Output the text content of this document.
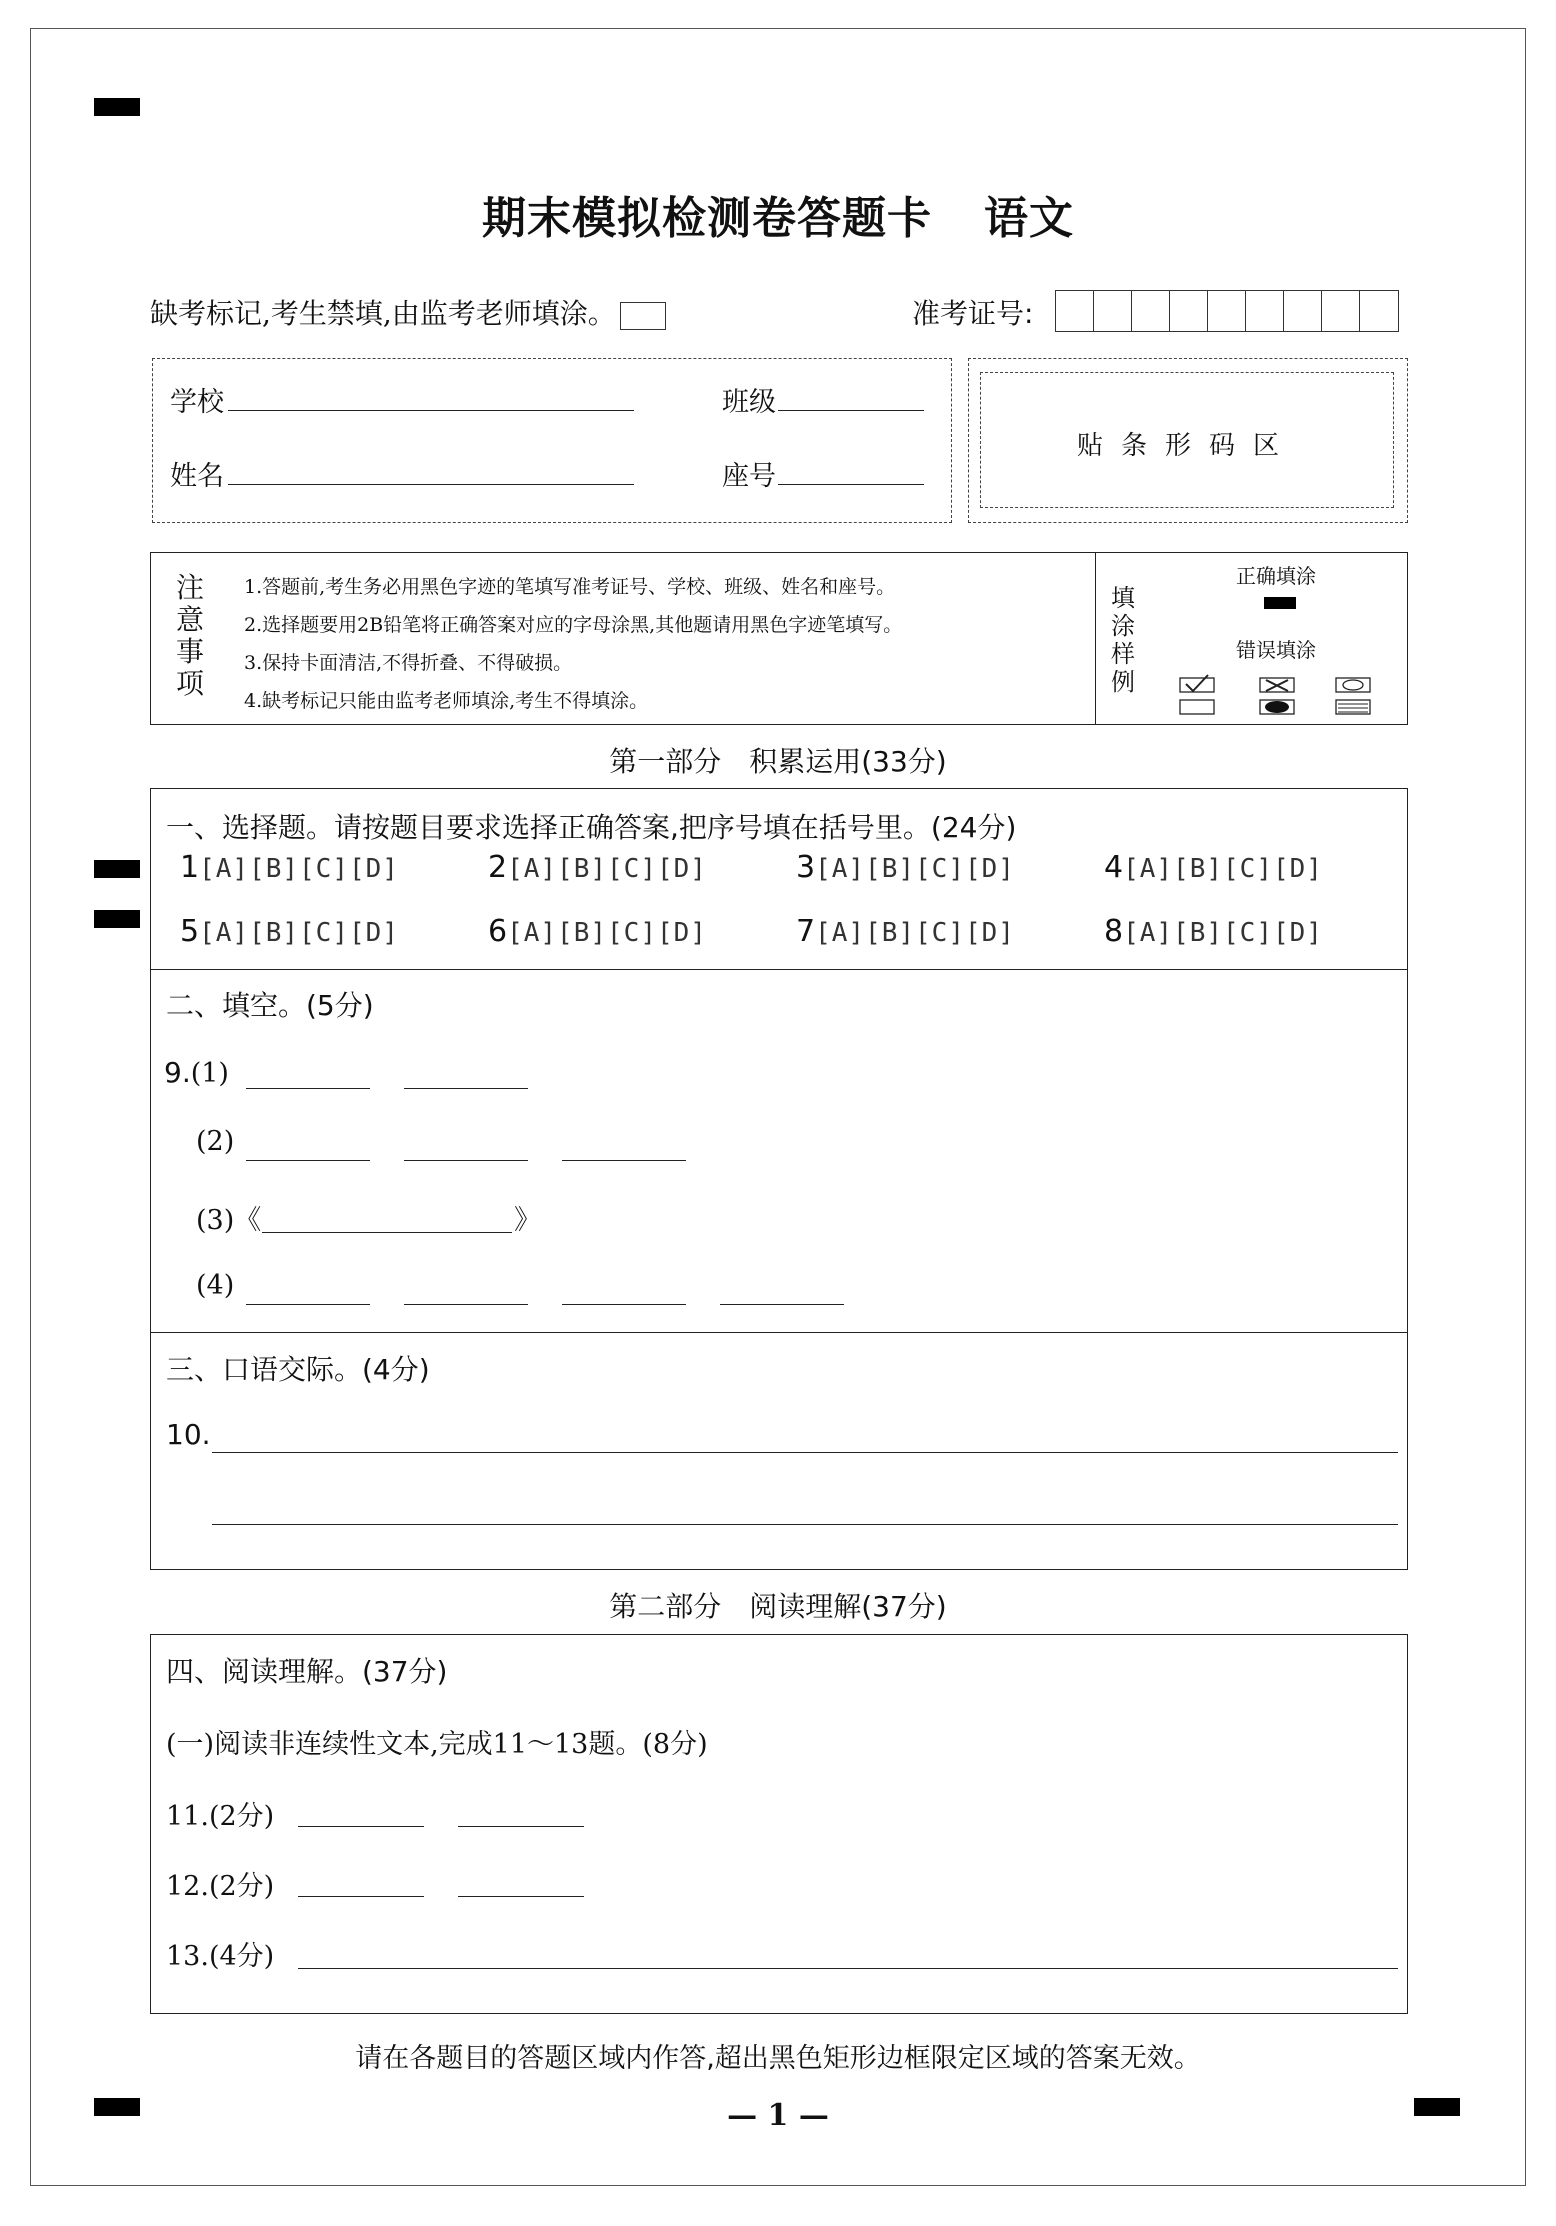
期末模拟检测卷答题卡 语文
缺考标记,考生禁填,由监考老师填涂。	准考证号:
学校	班级
姓名	座号
贴条形码区
注
意
事
项
1.答题前,考生务必用黑色字迹的笔填写准考证号、学校、班级、姓名和座号。
2.选择题要用2B铅笔将正确答案对应的字母涂黑,其他题请用黑色字迹笔填写。
3.保持卡面清洁,不得折叠、不得破损。
4.缺考标记只能由监考老师填涂,考生不得填涂。
填
涂
样
例
正确填涂
错误填涂
第一部分　积累运用(33分)
一、选择题。请按题目要求选择正确答案,把序号填在括号里。(24分)
1[A][B][C][D]	2[A][B][C][D]	3[A][B][C][D]	4[A][B][C][D]
5[A][B][C][D]	6[A][B][C][D]	7[A][B][C][D]	8[A][B][C][D]
二、填空。(5分)
9.(1)
(2)
(3)《	》
(4)
三、口语交际。(4分)
10.
第二部分　阅读理解(37分)
四、阅读理解。(37分)
(一)阅读非连续性文本,完成11～13题。(8分)
11.(2分)
12.(2分)
13.(4分)
请在各题目的答题区域内作答,超出黑色矩形边框限定区域的答案无效。
— 1 —
